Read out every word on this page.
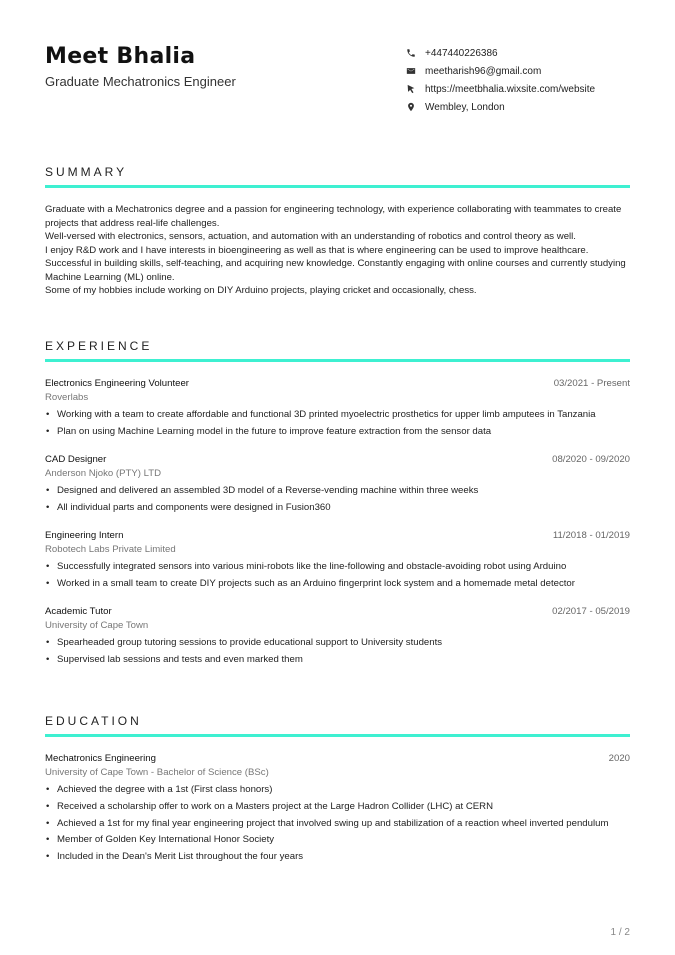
Meet Bhalia
Graduate Mechatronics Engineer
+447440226386
meetharish96@gmail.com
https://meetbhalia.wixsite.com/website
Wembley, London
SUMMARY

Graduate with a Mechatronics degree and a passion for engineering technology, with experience collaborating with teammates to create projects that address real-life challenges.

Well-versed with electronics, sensors, actuation, and automation with an understanding of robotics and control theory as well.

I enjoy R&D work and I have interests in bioengineering as well as that is where engineering can be used to improve healthcare.

Successful in building skills, self-teaching, and acquiring new knowledge. Constantly engaging with online courses and currently studying Machine Learning (ML) online.

Some of my hobbies include working on DIY Arduino projects, playing cricket and occasionally, chess.

EXPERIENCE
Electronics Engineering Volunteer	03/2021 - Present
Roverlabs
• Working with a team to create affordable and functional 3D printed myoelectric prosthetics for upper limb amputees in Tanzania
• Plan on using Machine Learning model in the future to improve feature extraction from the sensor data
CAD Designer	08/2020 - 09/2020
Anderson Njoko (PTY) LTD
• Designed and delivered an assembled 3D model of a Reverse-vending machine within three weeks
• All individual parts and components were designed in Fusion360
Engineering Intern	11/2018 - 01/2019
Robotech Labs Private Limited
• Successfully integrated sensors into various mini-robots like the line-following and obstacle-avoiding robot using Arduino
• Worked in a small team to create DIY projects such as an Arduino fingerprint lock system and a homemade metal detector
Academic Tutor	02/2017 - 05/2019
University of Cape Town
• Spearheaded group tutoring sessions to provide educational support to University students
• Supervised lab sessions and tests and even marked them
EDUCATION
Mechatronics Engineering	2020
University of Cape Town - Bachelor of Science (BSc)
• Achieved the degree with a 1st (First class honors)
• Received a scholarship offer to work on a Masters project at the Large Hadron Collider (LHC) at CERN
• Achieved a 1st for my final year engineering project that involved swing up and stabilization of a reaction wheel inverted pendulum
• Member of Golden Key International Honor Society
• Included in the Dean's Merit List throughout the four years
1 / 2
